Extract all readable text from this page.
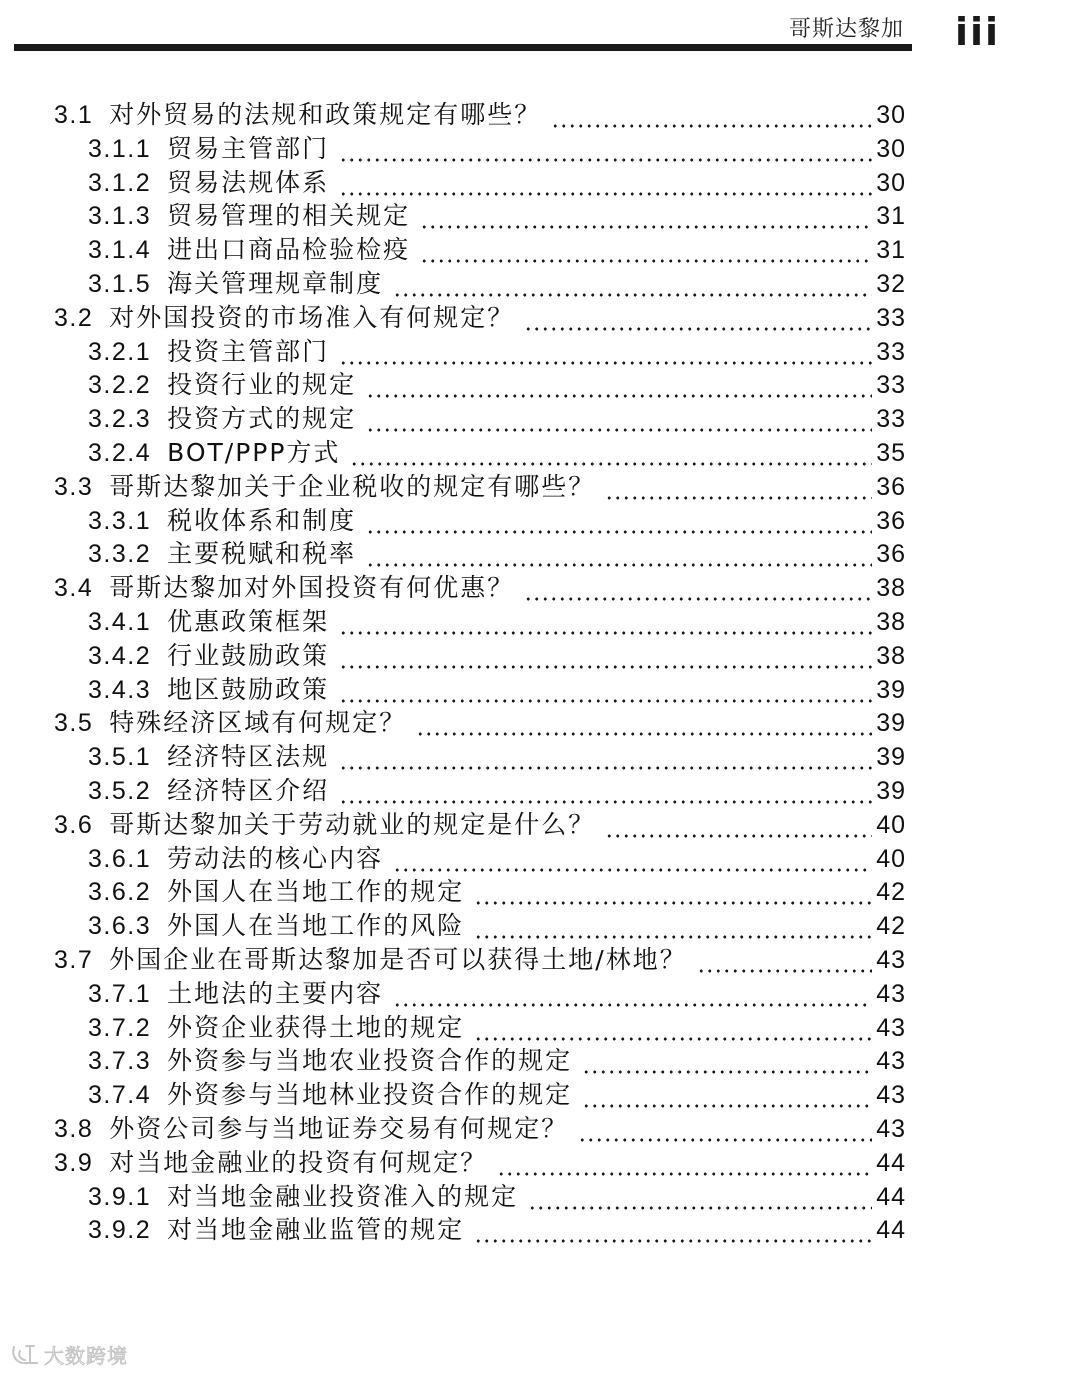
哥斯达黎加 iii
3.1 对外贸易的法规和政策规定有哪些？	30
3.1.1 贸易主管部门	30
3.1.2 贸易法规体系	30
3.1.3 贸易管理的相关规定	31
3.1.4 进出口商品检验检疫	31
3.1.5 海关管理规章制度	32
3.2 对外国投资的市场准入有何规定？	33
3.2.1 投资主管部门	33
3.2.2 投资行业的规定	33
3.2.3 投资方式的规定	33
3.2.4 BOT/PPP方式	35
3.3 哥斯达黎加关于企业税收的规定有哪些？	36
3.3.1 税收体系和制度	36
3.3.2 主要税赋和税率	36
3.4 哥斯达黎加对外国投资有何优惠？	38
3.4.1 优惠政策框架	38
3.4.2 行业鼓励政策	38
3.4.3 地区鼓励政策	39
3.5 特殊经济区域有何规定？	39
3.5.1 经济特区法规	39
3.5.2 经济特区介绍	39
3.6 哥斯达黎加关于劳动就业的规定是什么？	40
3.6.1 劳动法的核心内容	40
3.6.2 外国人在当地工作的规定	42
3.6.3 外国人在当地工作的风险	42
3.7 外国企业在哥斯达黎加是否可以获得土地/林地？	43
3.7.1 土地法的主要内容	43
3.7.2 外资企业获得土地的规定	43
3.7.3 外资参与当地农业投资合作的规定	43
3.7.4 外资参与当地林业投资合作的规定	43
3.8 外资公司参与当地证券交易有何规定？	43
3.9 对当地金融业的投资有何规定？	44
3.9.1 对当地金融业投资准入的规定	44
3.9.2 对当地金融业监管的规定	44
大数跨境
